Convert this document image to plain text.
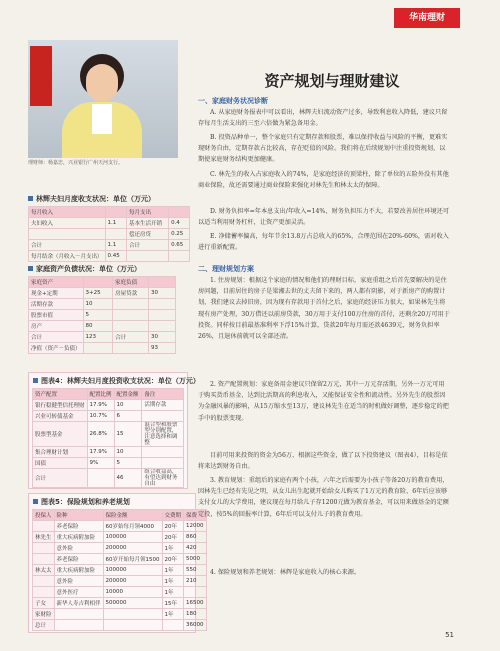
华南理财
理财师：杨嘉忠，兴业银行广州天河支行。
林辉夫妇月度收支状况：单位（万元）
每月收入		每月支出	
夫妇收入	1.1	基本生活开销	0.4
		偿还房贷	0.25
合计	1.1	合计	0.65
每月结余（月收入－月支出）	0.45		
家庭资产负债状况：单位（万元）
家庭资产		家庭负债	
现金+定期	3+25	房屋贷款	30
活期存款	10		
股票市值	5		
房产	80		
合计	123	合计	30
净值（资产－负债）			93
图表4：林辉夫妇月度投资收支状况：单位（万元）
资产配置	配置比例	配置金额	备注
银行稳健型信托理财	17.9%	10	活期存款
兴业可转债基金	10.7%	6	
股票型基金	26.8%	15	混合型和股票型分别配置，注意选择和调整
集合理财计划	17.9%	10	
国债	9%	5	
合计		46	组合收益高，有望达到财务自由
图表5：保险规划和养老规划
投保人	险种	保险金额	交费期	保费
	养老保险	60岁始每月领4000	20年	12000
林先生	重大疾病附加险	100000	20年	860
	意外险	200000	1年	420
	养老保险	60岁开始每月领1500	20年	5000
林太太	重大疾病附加险	100000	1年	550
	意外险	200000	1年	210
	意外医疗	10000	1年	
子女	新华人寿吉利相伴	500000	15年	16500
家财险			1年	180
总计				36000
资产规划与理财建议
一、家庭财务状况诊断
A. 从家庭财务报表中可以看出，林辉夫妇流动资产过多，导致利息收入降低，建议只留存每月生活支出的三至六倍做为紧急备用金。
B. 投资品种单一，整个家庭只有定期存款和股票，难以保持收益与风险的平衡，更难实现财务自由，定期存款占比较高，存在贬值的风险。我们将在后续规划中注重投资规划，以期使家庭财务结构更加健康。
C. 林先生的收入占家庭收入的74%，是家庭经济的顶梁柱，除了单位的五险外没有其他商业保险，故还需要通过商业保险来强化对林先生和林太太的保障。
D. 财务负担率=年本息支出/年收入=14%，财务负担压力不大，若要改善居住环境还可以适当利用财务杠杆，让资产更加灵活。
E. 净储蓄率偏高，每年节余13.8万占总收入的65%，合理范围在20%-60%，需对收入进行重新配置。
二、理财规划方案
1. 住房规划：根据这个家庭的情况和他们的理财目标，家庭重组之后首先要解决的是住房问题，目前居住的房子是梁湘去世的丈夫留下来的，两人都有阴影，对于新房产的购置计划，我们建议去掉旧房，因为现有存款用于首付之后，家庭的经济压力很大，如果林先生将现有房产处理，30万借还以前房贷款，30万用于支付100万住房的首付，还剩余20万可用于投资。同样按目前最基准利率下浮15%计算，贷款20年每月需还款4639元，财务负担率26%，且退休前就可以全部还清。
2. 资产配置规划：家庭备用金建议只保留2万元，其中一万元存活期，另外一万元可用于购买货币基金，达到比活期高的利息收入，又能保证安全性和流动性。另外先生的股票因为金融风暴的影响，从15万缩水至13万，建议林先生在适当的时机做好调整，逐步稳定的把手中的股票变现。
目前可用来投资的资金为56万，根据这些资金，做了以下投资建议（图表4），目标是依将来达到财务自由。
3. 教育规划：重组后的家庭有两个小孩，六年之后需要为小孩子等备20万的教育费用，因林先生已经有先见之明，从女儿出生起就开始给女儿购买了1万元的教育险，6年后应该够支付女儿的大学费用，建议现在每月给儿子存1200元做为教育基金，可以用来做基金的定额定投，按5%的回报率计算，6年后可以支付儿子的教育费用。
4. 保险规划和养老规划：林辉是家庭收入的核心来源。
51
